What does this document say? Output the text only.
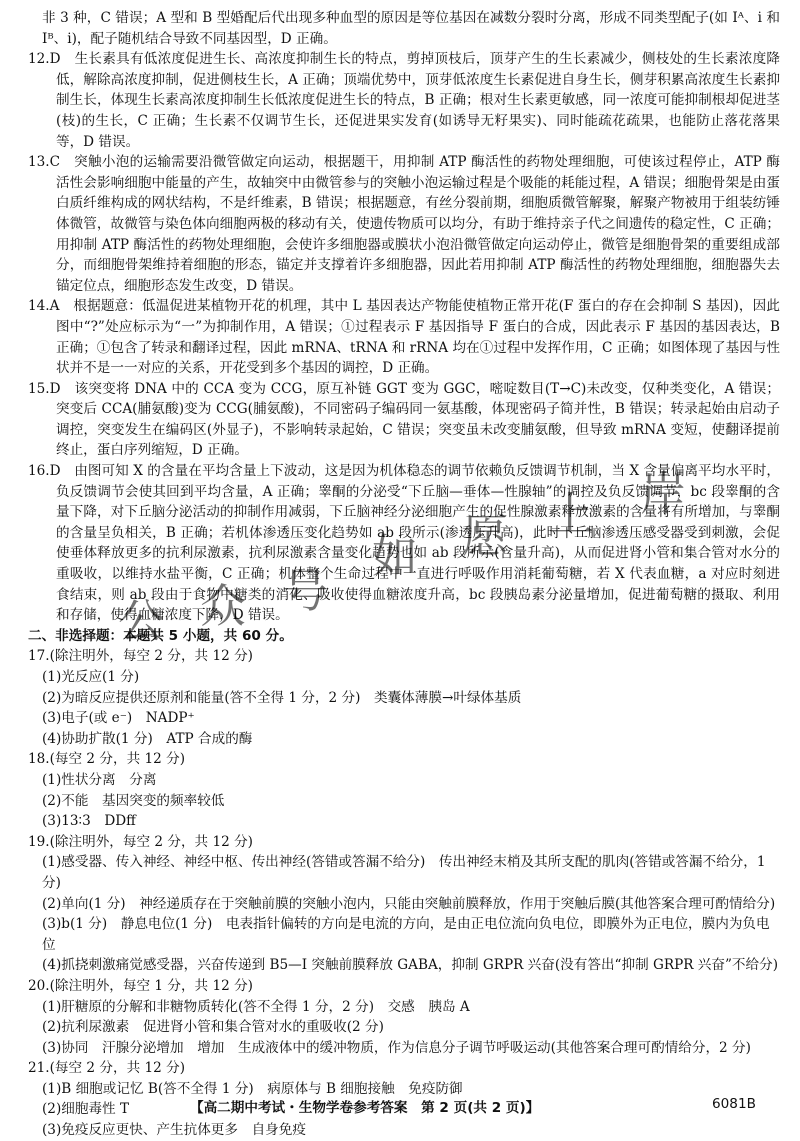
非 3 种，C 错误；A 型和 B 型婚配后代出现多种血型的原因是等位基因在减数分裂时分离，形成不同类型配子(如 Iᴬ、i 和 Iᴮ、i)，配子随机结合导致不同基因型，D 正确。

12.D　生长素具有低浓度促进生长、高浓度抑制生长的特点，剪掉顶枝后，顶芽产生的生长素减少，侧枝处的生长素浓度降低，解除高浓度抑制，促进侧枝生长，A 正确；顶端优势中，顶芽低浓度生长素促进自身生长，侧芽积累高浓度生长素抑制生长，体现生长素高浓度抑制生长低浓度促进生长的特点，B 正确；根对生长素更敏感，同一浓度可能抑制根却促进茎(枝)的生长，C 正确；生长素不仅调节生长，还促进果实发育(如诱导无籽果实)、同时能疏花疏果，也能防止落花落果等，D 错误。

13.C　突触小泡的运输需要沿微管做定向运动，根据题干，用抑制 ATP 酶活性的药物处理细胞，可使该过程停止，ATP 酶活性会影响细胞中能量的产生，故轴突中由微管参与的突触小泡运输过程是个吸能的耗能过程，A 错误；细胞骨架是由蛋白质纤维构成的网状结构，不是纤维素，B 错误；根据题意，有丝分裂前期，细胞质微管解聚，解聚产物被用于组装纺锤体微管，故微管与染色体向细胞两极的移动有关，使遗传物质可以均分，有助于维持亲子代之间遗传的稳定性，C 正确；用抑制 ATP 酶活性的药物处理细胞，会使许多细胞器或膜状小泡沿微管做定向运动停止，微管是细胞骨架的重要组成部分，而细胞骨架维持着细胞的形态，锚定并支撑着许多细胞器，因此若用抑制 ATP 酶活性的药物处理细胞，细胞器失去锚定位点，细胞形态发生改变，D 错误。

14.A　根据题意：低温促进某植物开花的机理，其中 L 基因表达产物能使植物正常开花(F 蛋白的存在会抑制 S 基因)，因此图中“?”处应标示为“一”为抑制作用，A 错误；①过程表示 F 基因指导 F 蛋白的合成，因此表示 F 基因的基因表达，B 正确；①包含了转录和翻译过程，因此 mRNA、tRNA 和 rRNA 均在①过程中发挥作用，C 正确；如图体现了基因与性状并不是一一对应的关系，开花受到多个基因的调控，D 正确。

15.D　该突变将 DNA 中的 CCA 变为 CCG，原互补链 GGT 变为 GGC，嘧啶数目(T→C)未改变，仅种类变化，A 错误；突变后 CCA(脯氨酸)变为 CCG(脯氨酸)，不同密码子编码同一氨基酸，体现密码子简并性，B 错误；转录起始由启动子调控，突变发生在编码区(外显子)，不影响转录起始，C 错误；突变虽未改变脯氨酸，但导致 mRNA 变短，使翻译提前终止，蛋白序列缩短，D 正确。

16.D　由图可知 X 的含量在平均含量上下波动，这是因为机体稳态的调节依赖负反馈调节机制，当 X 含量偏离平均水平时，负反馈调节会使其回到平均含量，A 正确；睾酮的分泌受“下丘脑—垂体—性腺轴”的调控及负反馈调节，bc 段睾酮的含量下降，对下丘脑分泌活动的抑制作用减弱，下丘脑神经分泌细胞产生的促性腺激素释放激素的含量将有所增加，与睾酮的含量呈负相关，B 正确；若机体渗透压变化趋势如 ab 段所示(渗透压升高)，此时下丘脑渗透压感受器受到刺激，会促使垂体释放更多的抗利尿激素，抗利尿激素含量变化趋势也如 ab 段所示(含量升高)，从而促进肾小管和集合管对水分的重吸收，以维持水盐平衡，C 正确；机体整个生命过程中一直进行呼吸作用消耗葡萄糖，若 X 代表血糖，a 对应时刻进食结束，则 ab 段由于食物中糖类的消化、吸收使得血糖浓度升高，bc 段胰岛素分泌量增加，促进葡萄糖的摄取、利用和存储，使得血糖浓度下降，D 错误。

二、非选择题：本题共 5 小题，共 60 分。
17.(除注明外，每空 2 分，共 12 分)
(1)光反应(1 分)
(2)为暗反应提供还原剂和能量(答不全得 1 分，2 分)　类囊体薄膜→叶绿体基质
(3)电子(或 e⁻)　NADP⁺
(4)协助扩散(1 分)　ATP 合成的酶
18.(每空 2 分，共 12 分)
(1)性状分离　分离
(2)不能　基因突变的频率较低
(3)13∶3　DDff
19.(除注明外，每空 2 分，共 12 分)
(1)感受器、传入神经、神经中枢、传出神经(答错或答漏不给分)　传出神经末梢及其所支配的肌肉(答错或答漏不给分，1 分)
(2)单向(1 分)　神经递质存在于突触前膜的突触小泡内，只能由突触前膜释放，作用于突触后膜(其他答案合理可酌情给分)
(3)b(1 分)　静息电位(1 分)　电表指针偏转的方向是电流的方向，是由正电位流向负电位，即膜外为正电位，膜内为负电位
(4)抓挠刺激痛觉感受器，兴奋传递到 B5—I 突触前膜释放 GABA，抑制 GRPR 兴奋(没有答出“抑制 GRPR 兴奋”不给分)
20.(除注明外，每空 1 分，共 12 分)
(1)肝糖原的分解和非糖物质转化(答不全得 1 分，2 分)　交感　胰岛 A
(2)抗利尿激素　促进肾小管和集合管对水的重吸收(2 分)
(3)协同　汗腺分泌增加　增加　生成液体中的缓冲物质，作为信息分子调节呼吸运动(其他答案合理可酌情给分，2 分)
21.(每空 2 分，共 12 分)
(1)B 细胞或记忆 B(答不全得 1 分)　病原体与 B 细胞接触　免疫防御
(2)细胞毒性 T
(3)免疫反应更快、产生抗体更多　自身免疫
【高二期中考试・生物学卷参考答案　第 2 页(共 2 页)】	6081B
公 众 号
如 愿 上 岸
